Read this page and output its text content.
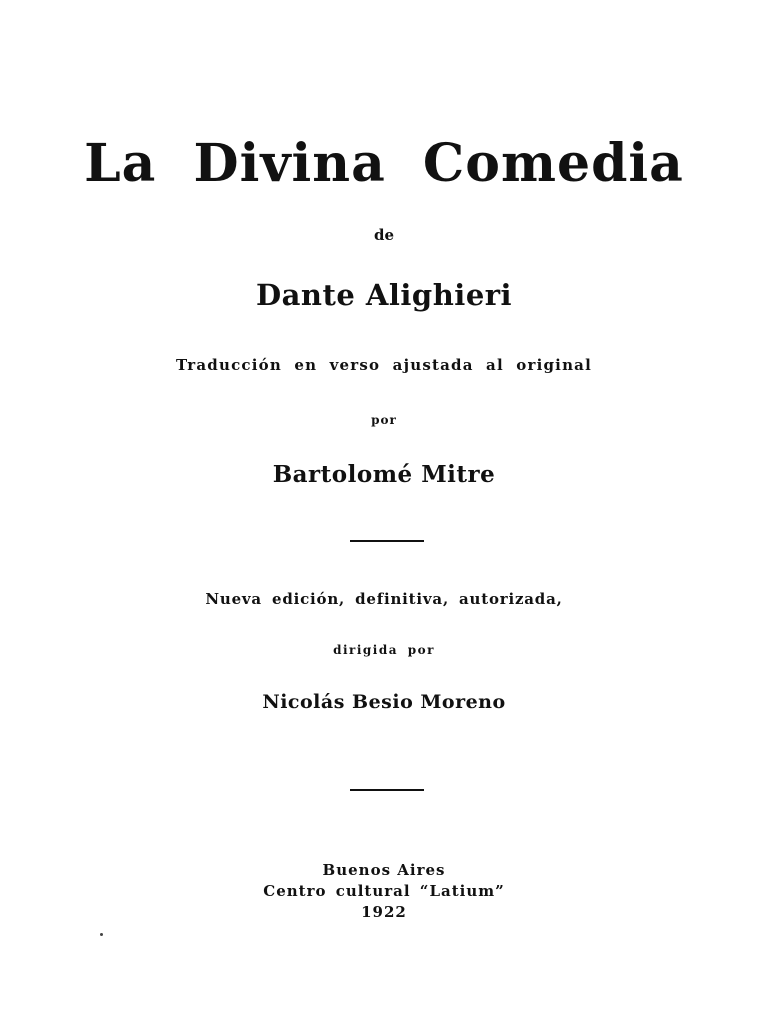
La Divina Comedia
de
Dante Alighieri
Traducción en verso ajustada al original
por
Bartolomé Mitre
Nueva edición, definitiva, autorizada,
dirigida por
Nicolás Besio Moreno
Buenos Aires
Centro cultural “Latium”
1922
